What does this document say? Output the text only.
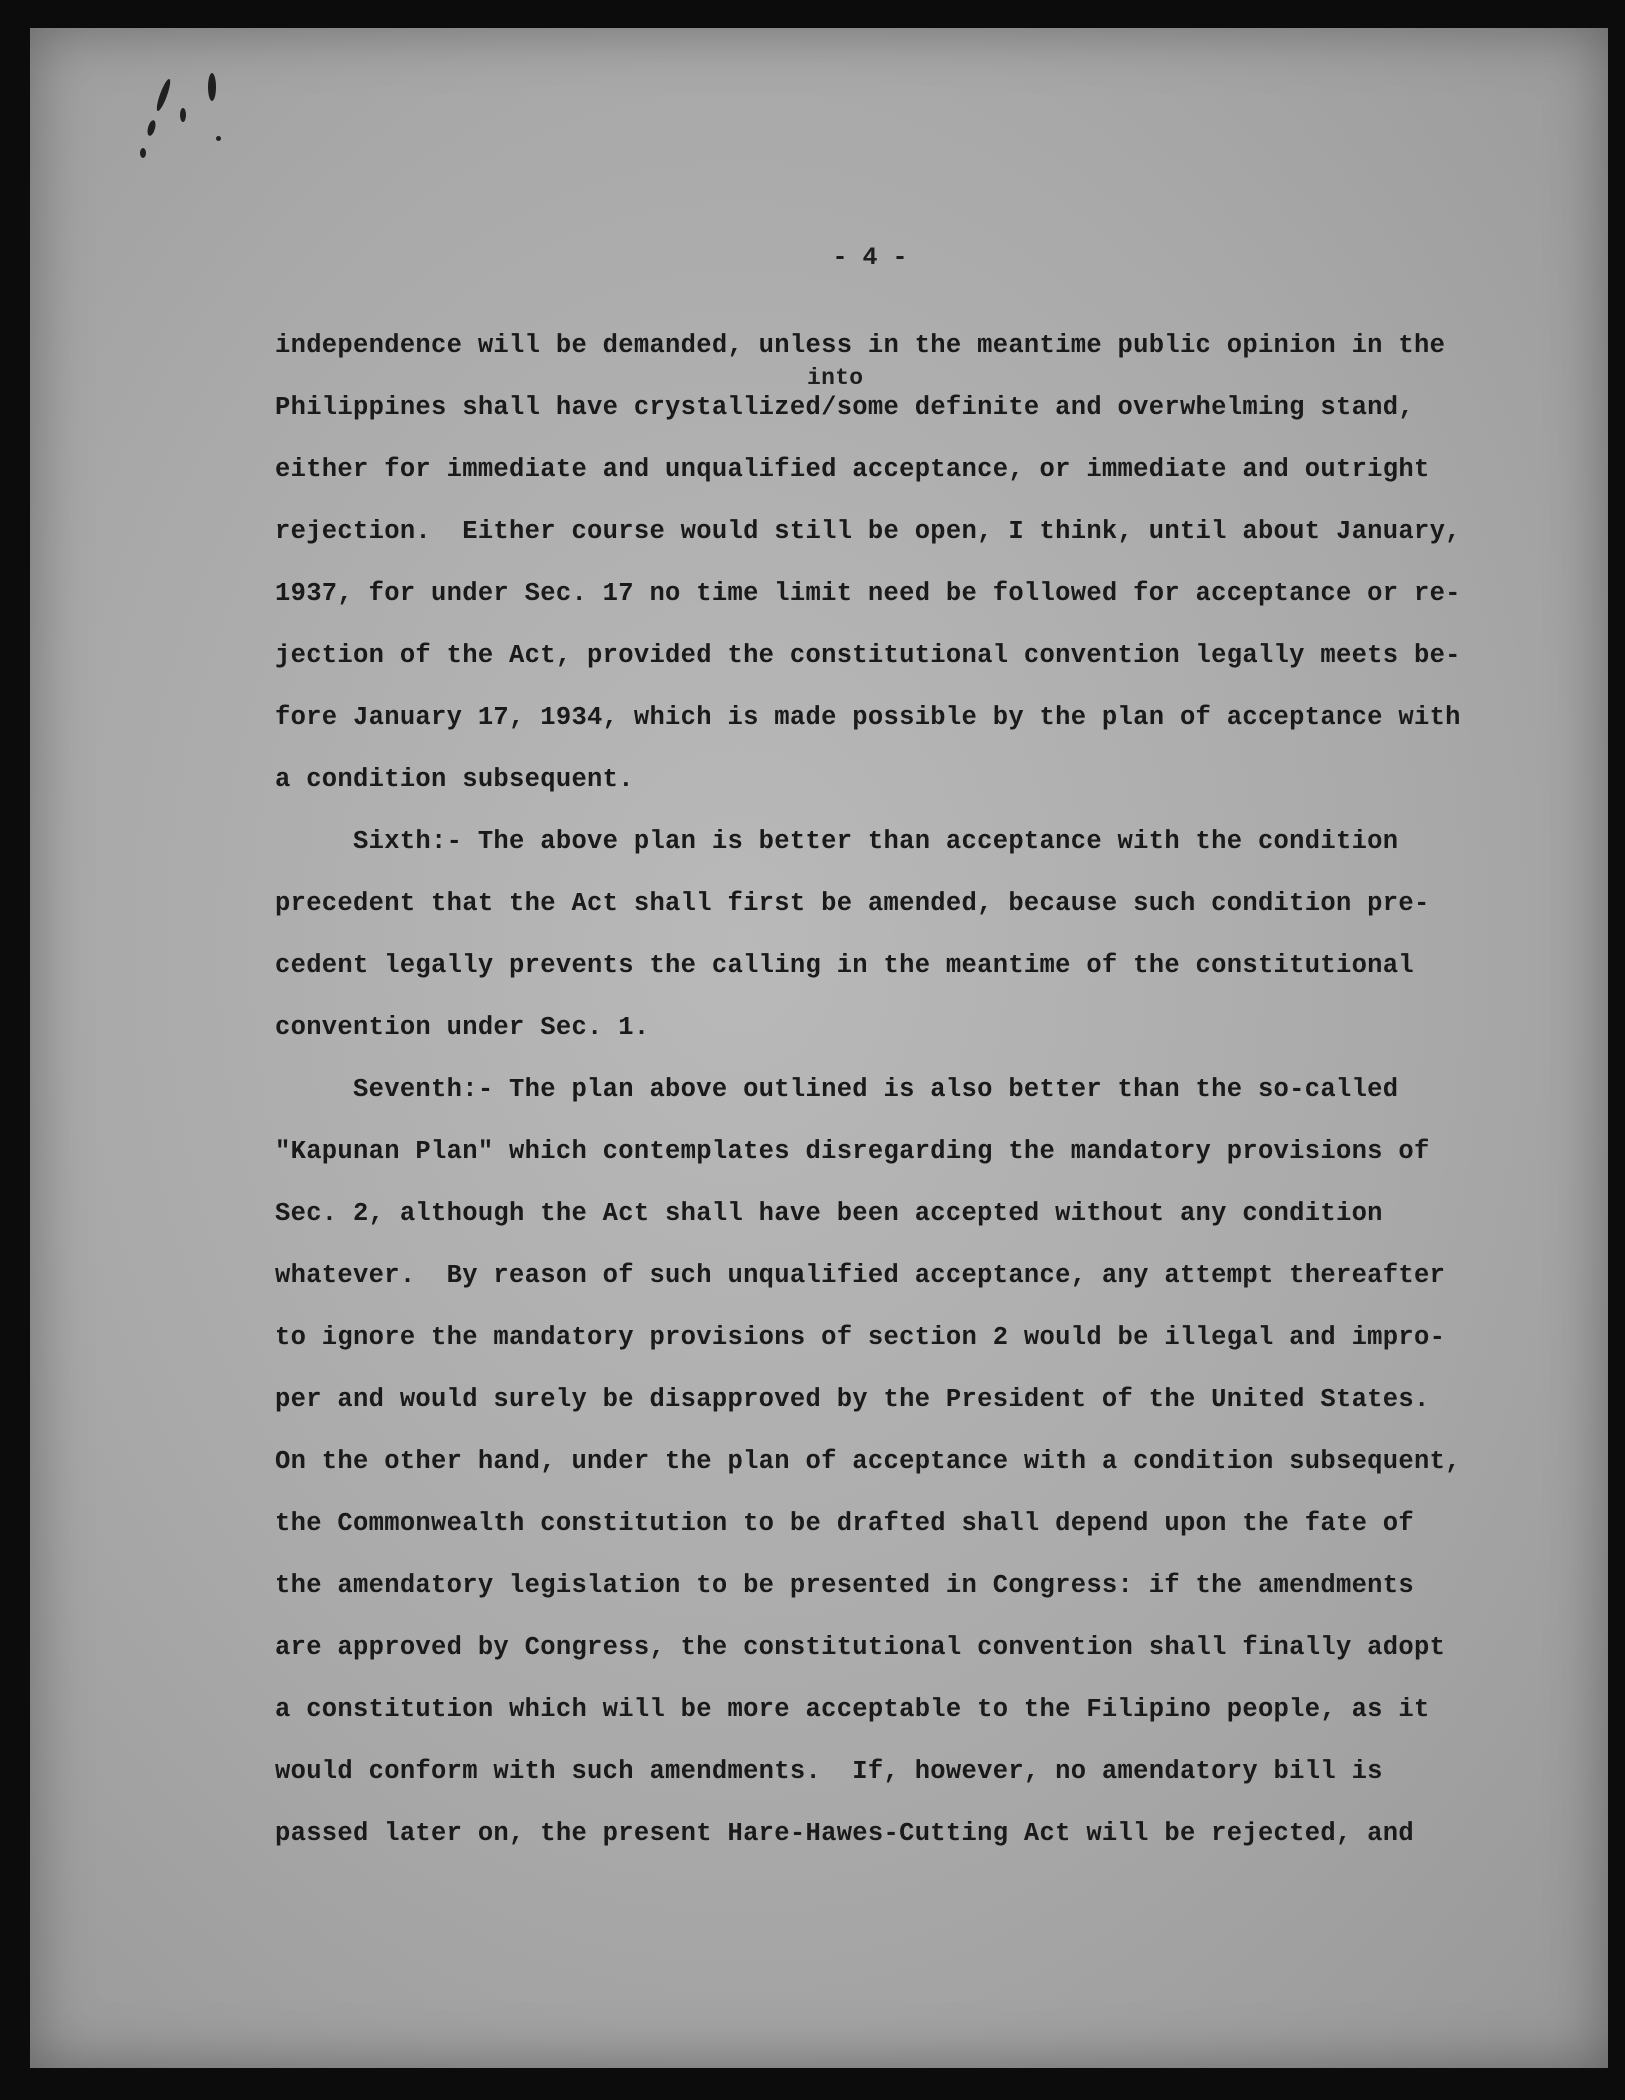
- 4 -
independence will be demanded, unless in the meantime public opinion in the
Philippines shall have crystallized/some definite and overwhelming stand,
into
either for immediate and unqualified acceptance, or immediate and outright
rejection.  Either course would still be open, I think, until about January,
1937, for under Sec. 17 no time limit need be followed for acceptance or re-
jection of the Act, provided the constitutional convention legally meets be-
fore January 17, 1934, which is made possible by the plan of acceptance with
a condition subsequent.
Sixth:- The above plan is better than acceptance with the condition
precedent that the Act shall first be amended, because such condition pre-
cedent legally prevents the calling in the meantime of the constitutional
convention under Sec. 1.
Seventh:- The plan above outlined is also better than the so-called
"Kapunan Plan" which contemplates disregarding the mandatory provisions of
Sec. 2, although the Act shall have been accepted without any condition
whatever.  By reason of such unqualified acceptance, any attempt thereafter
to ignore the mandatory provisions of section 2 would be illegal and impro-
per and would surely be disapproved by the President of the United States.
On the other hand, under the plan of acceptance with a condition subsequent,
the Commonwealth constitution to be drafted shall depend upon the fate of
the amendatory legislation to be presented in Congress: if the amendments
are approved by Congress, the constitutional convention shall finally adopt
a constitution which will be more acceptable to the Filipino people, as it
would conform with such amendments.  If, however, no amendatory bill is
passed later on, the present Hare-Hawes-Cutting Act will be rejected, and
